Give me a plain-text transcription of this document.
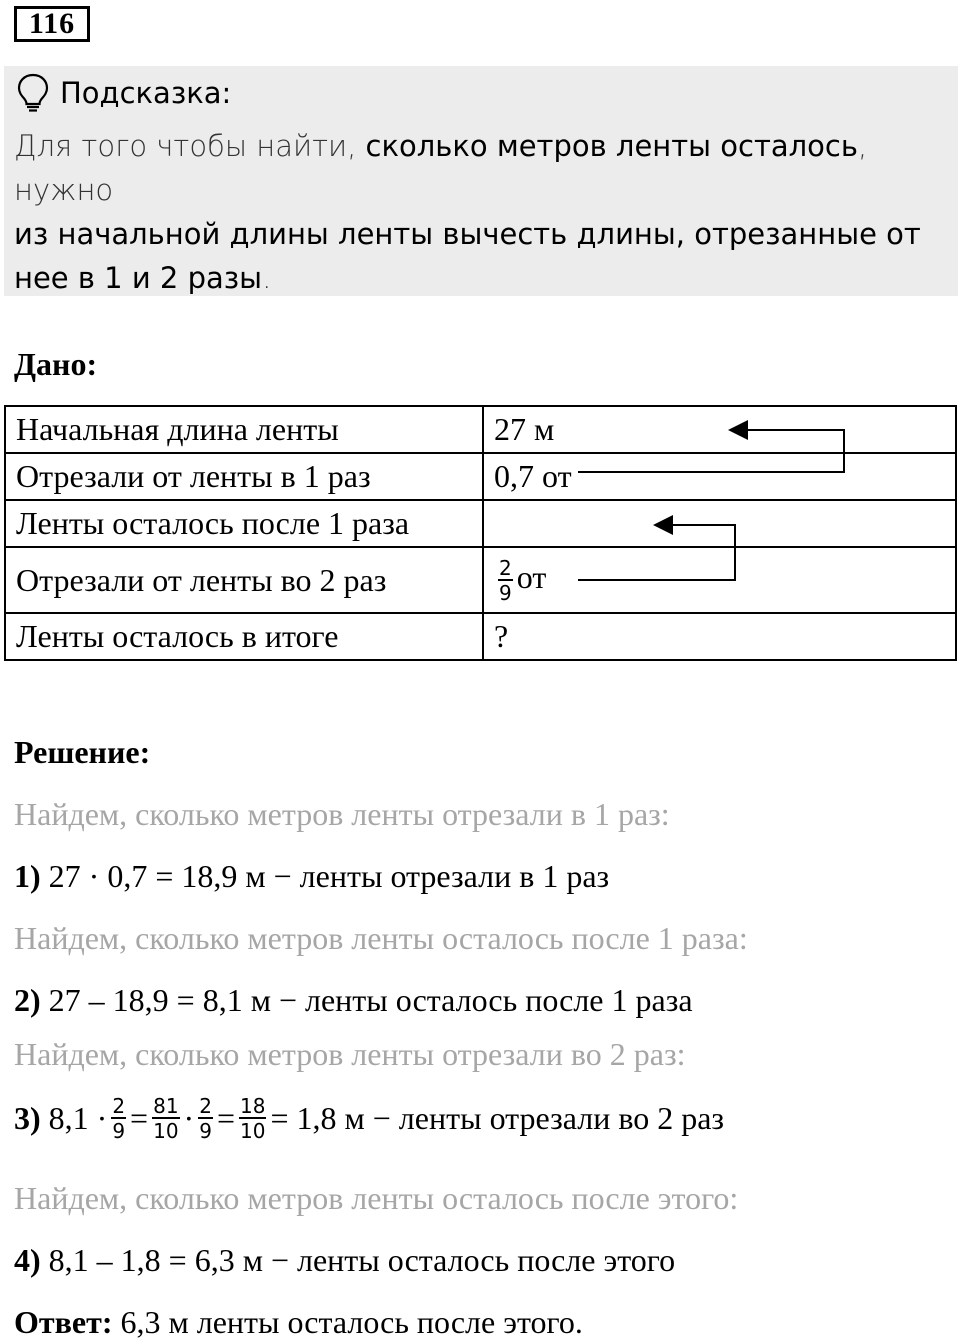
116
Подсказка:
Для того чтобы найти, сколько метров ленты осталось, нужно
из начальной длины ленты вычесть длины, отрезанные от
нее в 1 и 2 разы.
Дано:
Начальная длина ленты	27 м
Отрезали от ленты в 1 раз	0,7 от
Ленты осталось после 1 раза	
Отрезали от ленты во 2 раз	$\frac{2}{9}$ от
Ленты осталось в итоге	?
Решение:
Найдем, сколько метров ленты отрезали в 1 раз:
1) 27 · 0,7 = 18,9 м − ленты отрезали в 1 раз
Найдем, сколько метров ленты осталось после 1 раза:
2) 27 – 18,9 = 8,1 м − ленты осталось после 1 раза
Найдем, сколько метров ленты отрезали во 2 раз:
3)
$8,1 \cdot \frac{2}{9} = \frac{81}{10} \cdot \frac{2}{9} = \frac{18}{10} = 1,8$ м − ленты отрезали во 2 раз
Найдем, сколько метров ленты осталось после этого:
4) 8,1 – 1,8 = 6,3 м − ленты осталось после этого
Ответ: 6,3 м ленты осталось после этого.
